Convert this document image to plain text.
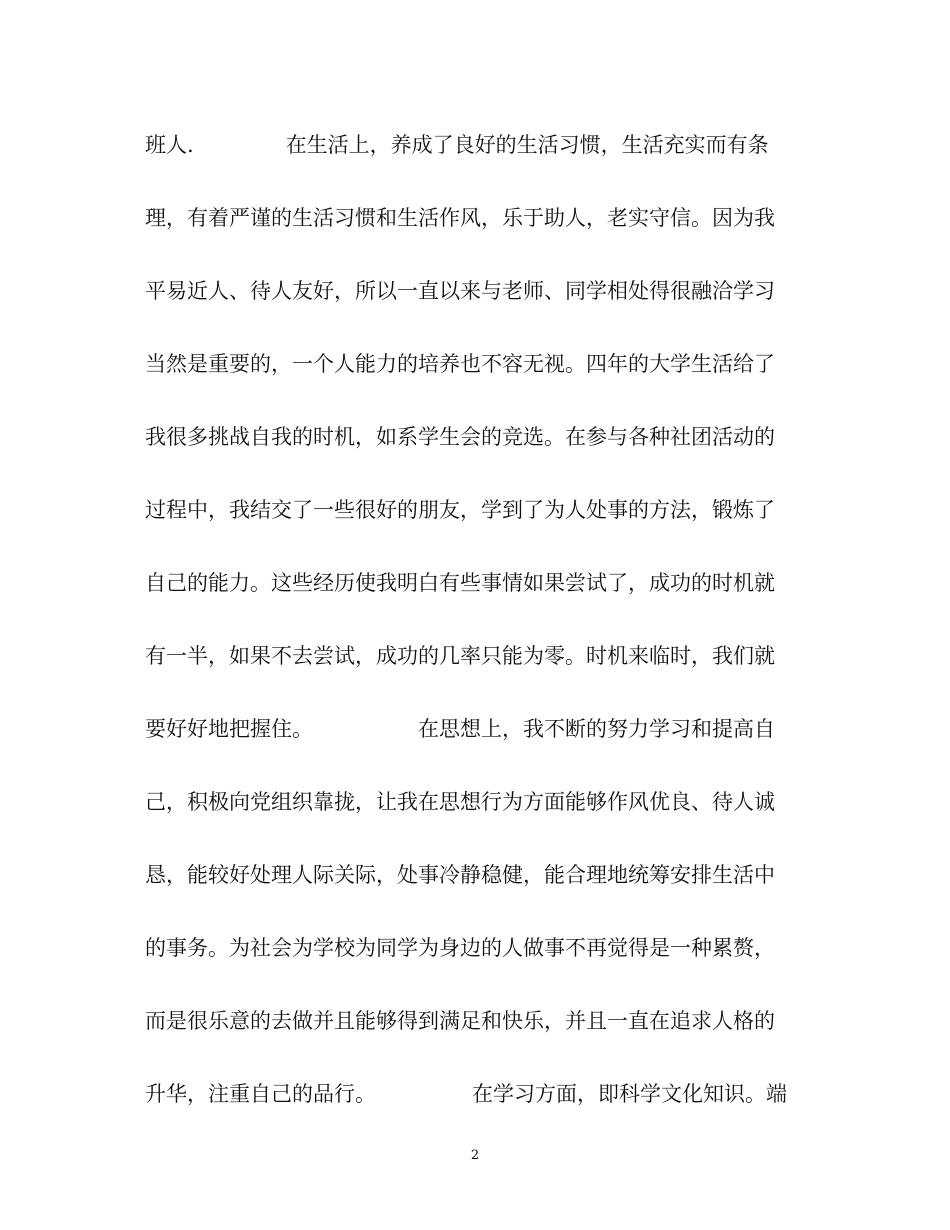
班人.	在生活上，养成了良好的生活习惯，生活充实而有条
理，有着严谨的生活习惯和生活作风，乐于助人，老实守信。因为我
平易近人、待人友好，所以一直以来与老师、同学相处得很融洽学习
当然是重要的，一个人能力的培养也不容无视。四年的大学生活给了
我很多挑战自我的时机，如系学生会的竞选。在参与各种社团活动的
过程中，我结交了一些很好的朋友，学到了为人处事的方法，锻炼了
自己的能力。这些经历使我明白有些事情如果尝试了，成功的时机就
有一半，如果不去尝试，成功的几率只能为零。时机来临时，我们就
要好好地把握住。	在思想上，我不断的努力学习和提高自
己，积极向党组织靠拢，让我在思想行为方面能够作风优良、待人诚
恳，能较好处理人际关际，处事冷静稳健，能合理地统筹安排生活中
的事务。为社会为学校为同学为身边的人做事不再觉得是一种累赘，
而是很乐意的去做并且能够得到满足和快乐，并且一直在追求人格的
升华，注重自己的品行。	在学习方面，即科学文化知识。端
2
